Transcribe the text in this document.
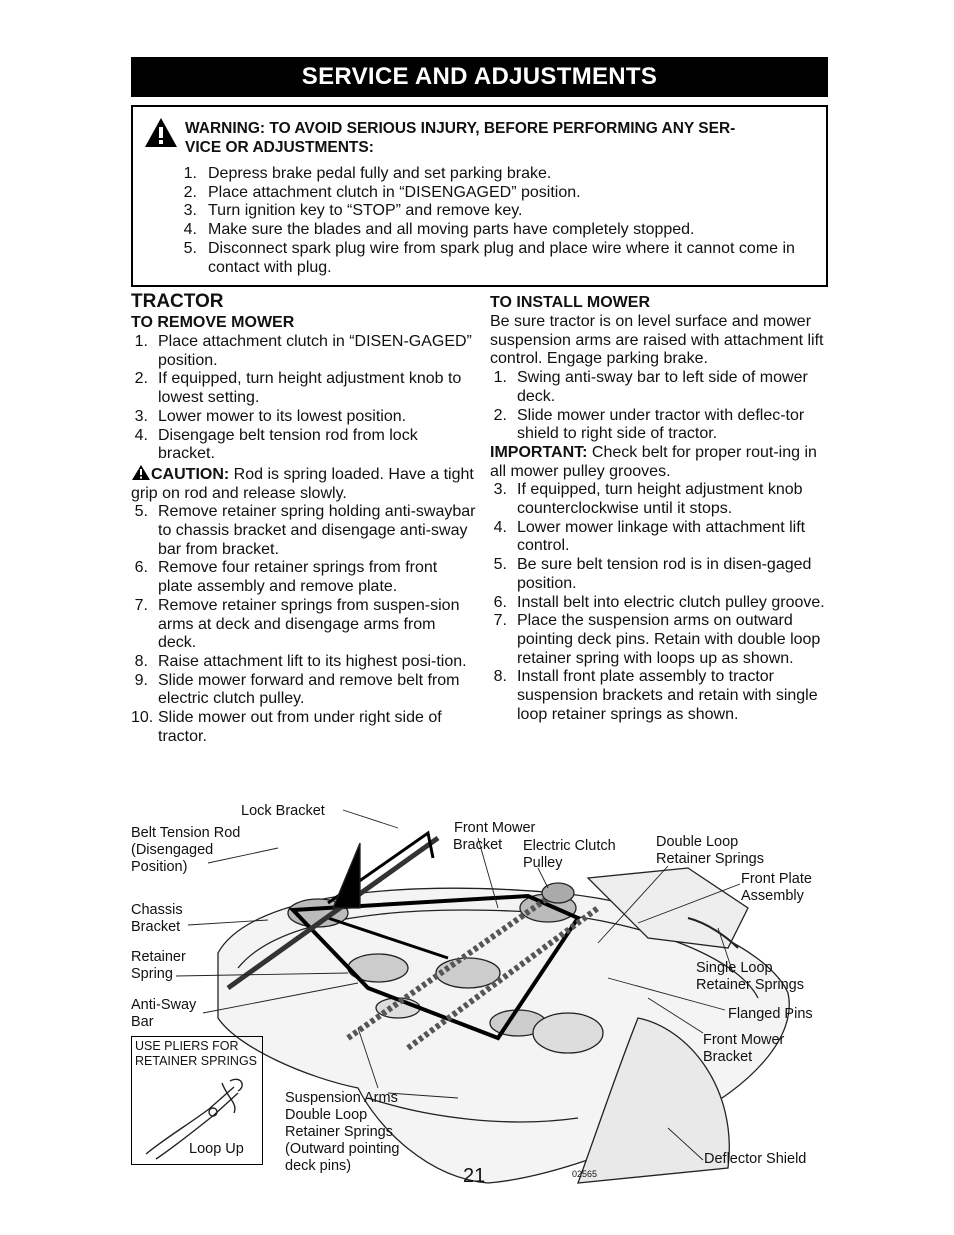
SERVICE AND ADJUSTMENTS
WARNING: TO AVOID SERIOUS INJURY, BEFORE PERFORMING ANY SER-
VICE OR ADJUSTMENTS:
1. Depress brake pedal fully and set parking brake.
2. Place attachment clutch in “DISENGAGED” position.
3. Turn ignition key to “STOP” and remove key.
4. Make sure the blades and all moving parts have completely stopped.
5. Disconnect spark plug wire from spark plug and place wire where it cannot come in contact with plug.
TRACTOR
TO REMOVE MOWER
1. Place attachment clutch in “DISEN-GAGED” position.
2. If equipped, turn height adjustment knob to lowest setting.
3. Lower mower to its lowest position.
4. Disengage belt tension rod from lock bracket.

CAUTION: Rod is spring loaded. Have a tight grip on rod and release slowly.

5. Remove retainer spring holding anti-swaybar to chassis bracket and disengage anti-sway bar from bracket.
6. Remove four retainer springs from front plate assembly and remove plate.
7. Remove retainer springs from suspen-sion arms at deck and disengage arms from deck.
8. Raise attachment lift to its highest posi-tion.
9. Slide mower forward and remove belt from electric clutch pulley.
10. Slide mower out from under right side of tractor.
TO INSTALL MOWER

Be sure tractor is on level surface and mower suspension arms are raised with attachment lift control. Engage parking brake.

1. Swing anti-sway bar to left side of mower deck.
2. Slide mower under tractor with deflec-tor shield to right side of tractor.

IMPORTANT: Check belt for proper rout-ing in all mower pulley grooves.

3. If equipped, turn height adjustment knob counterclockwise until it stops.
4. Lower mower linkage with attachment lift control.
5. Be sure belt tension rod is in disen-gaged position.
6. Install belt into electric clutch pulley groove.
7. Place the suspension arms on outward pointing deck pins. Retain with double loop retainer spring with loops up as shown.
8. Install front plate assembly to tractor suspension brackets and retain with single loop retainer springs as shown.
Lock Bracket
Belt Tension Rod
(Disengaged
Position)
Chassis
Bracket
Retainer
Spring
Anti-Sway
Bar
Front Mower
Bracket Electric Clutch
Pulley
Double Loop
Retainer Springs
Front Plate
Assembly
Single Loop
Retainer Springs
Flanged Pins
Front Mower
Bracket
Suspension Arms
Double Loop
Retainer Springs
(Outward pointing
deck pins)	Deflector Shield
USE PLIERS FOR
RETAINER SPRINGS
Loop Up
21	02565
